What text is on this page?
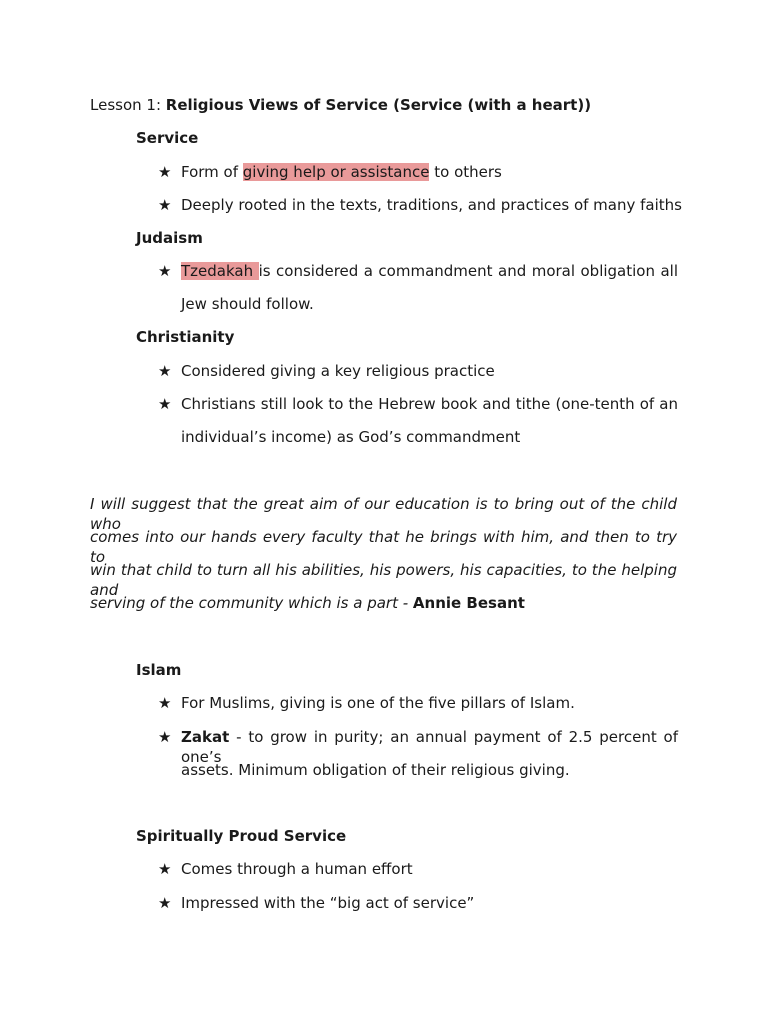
Lesson 1: Religious Views of Service (Service (with a heart))
Service
★ Form of giving help or assistance to others
★ Deeply rooted in the texts, traditions, and practices of many faiths
Judaism
★ Tzedakah is considered a commandment and moral obligation all
Jew should follow.
Christianity
★ Considered giving a key religious practice
★ Christians still look to the Hebrew book and tithe (one-tenth of an
individual’s income) as God’s commandment
I will suggest that the great aim of our education is to bring out of the child who
comes into our hands every faculty that he brings with him, and then to try to
win that child to turn all his abilities, his powers, his capacities, to the helping and
serving of the community which is a part - Annie Besant
Islam
★ For Muslims, giving is one of the five pillars of Islam.
★ Zakat - to grow in purity; an annual payment of 2.5 percent of one’s
assets. Minimum obligation of their religious giving.
Spiritually Proud Service
★ Comes through a human effort
★ Impressed with the “big act of service”
